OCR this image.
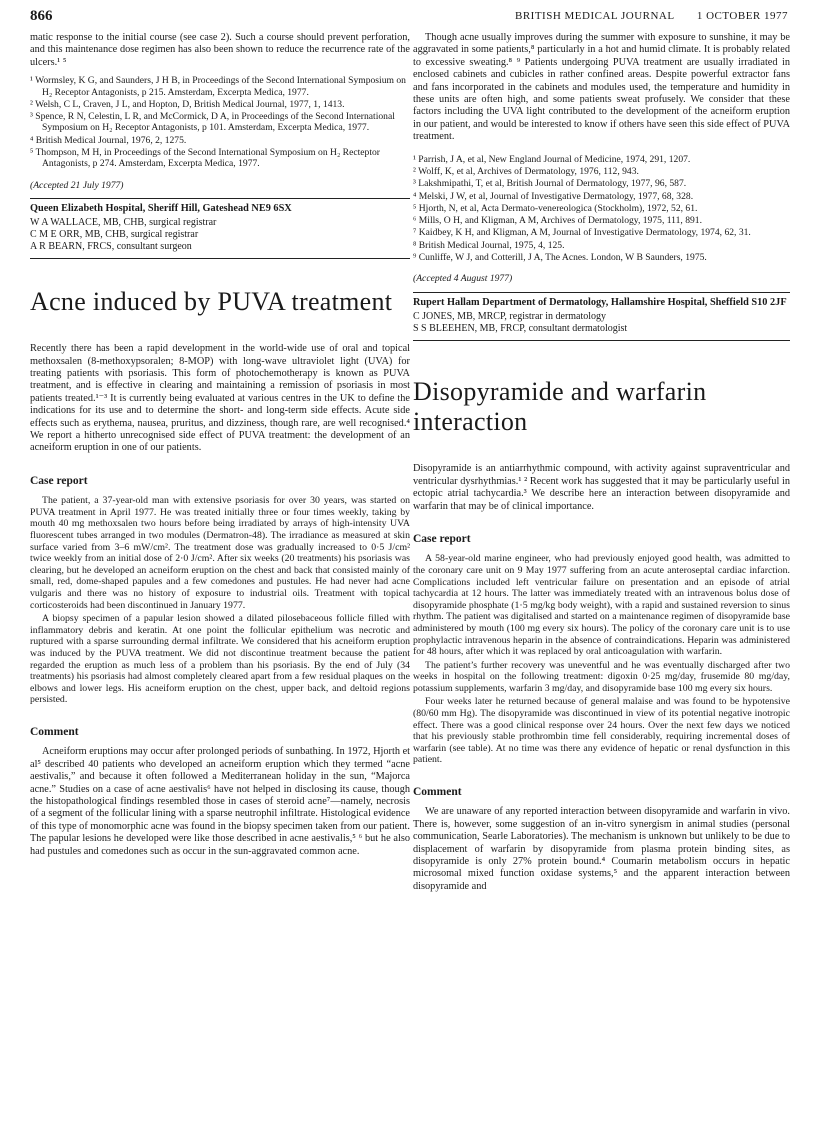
866	BRITISH MEDICAL JOURNAL 1 OCTOBER 1977

matic response to the initial course (see case 2). Such a course should prevent perforation, and this maintenance dose regimen has also been shown to reduce the recurrence rate of the ulcers.¹ ⁵

¹ Wormsley, K G, and Saunders, J H B, in Proceedings of the Second International Symposium on H₂ Receptor Antagonists, p 215. Amsterdam, Excerpta Medica, 1977.

² Welsh, C L, Craven, J L, and Hopton, D, British Medical Journal, 1977, 1, 1413.

³ Spence, R N, Celestin, L R, and McCormick, D A, in Proceedings of the Second International Symposium on H₂ Receptor Antagonists, p 101. Amsterdam, Excerpta Medica, 1977.

⁴ British Medical Journal, 1976, 2, 1275.

⁵ Thompson, M H, in Proceedings of the Second International Symposium on H₂ Recteptor Antagonists, p 274. Amsterdam, Excerpta Medica, 1977.

(Accepted 21 July 1977)

Queen Elizabeth Hospital, Sheriff Hill, Gateshead NE9 6SX

W A WALLACE, MB, CHB, surgical registrar

C M E ORR, MB, CHB, surgical registrar

A R BEARN, FRCS, consultant surgeon

Acne induced by PUVA treatment

Recently there has been a rapid development in the world-wide use of oral and topical methoxsalen (8-methoxypsoralen; 8-MOP) with long-wave ultraviolet light (UVA) for treating patients with psoriasis. This form of photochemotherapy is known as PUVA treatment, and is effective in clearing and maintaining a remission of psoriasis in most patients treated.¹⁻³ It is currently being evaluated at various centres in the UK to define the indications for its use and to determine the short- and long-term side effects. Acute side effects such as erythema, nausea, pruritus, and dizziness, though rare, are well recognised.⁴ We report a hitherto unrecognised side effect of PUVA treatment: the development of an acneiform eruption in one of our patients.

Case report

The patient, a 37-year-old man with extensive psoriasis for over 30 years, was started on PUVA treatment in April 1977. He was treated initially three or four times weekly, taking by mouth 40 mg methoxsalen two hours before being irradiated by arrays of high-intensity UVA fluorescent tubes arranged in two modules (Dermatron-48). The irradiance as measured at skin surface varied from 3–6 mW/cm². The treatment dose was gradually increased to 0·5 J/cm² twice weekly from an initial dose of 2·0 J/cm². After six weeks (20 treatments) his psoriasis was clearing, but he developed an acneiform eruption on the chest and back that consisted mainly of small, red, dome-shaped papules and a few comedones and pustules. He had never had acne vulgaris and there was no history of exposure to industrial oils. Treatment with topical corticosteroids had been discontinued in January 1977.

A biopsy specimen of a papular lesion showed a dilated pilosebaceous follicle filled with inflammatory debris and keratin. At one point the follicular epithelium was necrotic and ruptured with a sparse surrounding dermal infiltrate. We considered that his acneiform eruption was induced by the PUVA treatment. We did not discontinue treatment because the patient regarded the eruption as much less of a problem than his psoriasis. By the end of July (34 treatments) his psoriasis had almost completely cleared apart from a few residual plaques on the elbows and lower legs. His acneiform eruption on the chest, upper back, and deltoid regions persisted.

Comment

Acneiform eruptions may occur after prolonged periods of sunbathing. In 1972, Hjorth et al⁵ described 40 patients who developed an acneiform eruption which they termed “acne aestivalis,” and because it often followed a Mediterranean holiday in the sun, “Majorca acne.” Studies on a case of acne aestivalis⁶ have not helped in disclosing its cause, though the histopathological findings resembled those in cases of steroid acne⁷—namely, necrosis of a segment of the follicular lining with a sparse neutrophil infiltrate. Histological evidence of this type of monomorphic acne was found in the biopsy specimen taken from our patient. The papular lesions he developed were like those described in acne aestivalis,⁵ ⁶ but he also had pustules and comedones such as occur in the sun-aggravated common acne.

Though acne usually improves during the summer with exposure to sunshine, it may be aggravated in some patients,⁸ particularly in a hot and humid climate. It is probably related to excessive sweating.⁸ ⁹ Patients undergoing PUVA treatment are usually irradiated in enclosed cabinets and cubicles in rather confined areas. Despite powerful extractor fans and fans incorporated in the cabinets and modules used, the temperature and humidity in these units are often high, and some patients sweat profusely. We consider that these factors including the UVA light contributed to the development of the acneiform eruption in our patient, and would be interested to know if others have seen this side effect of PUVA treatment.

¹ Parrish, J A, et al, New England Journal of Medicine, 1974, 291, 1207.

² Wolff, K, et al, Archives of Dermatology, 1976, 112, 943.

³ Lakshmipathi, T, et al, British Journal of Dermatology, 1977, 96, 587.

⁴ Melski, J W, et al, Journal of Investigative Dermatology, 1977, 68, 328.

⁵ Hjorth, N, et al, Acta Dermato-venereologica (Stockholm), 1972, 52, 61.

⁶ Mills, O H, and Kligman, A M, Archives of Dermatology, 1975, 111, 891.

⁷ Kaidbey, K H, and Kligman, A M, Journal of Investigative Dermatology, 1974, 62, 31.

⁸ British Medical Journal, 1975, 4, 125.

⁹ Cunliffe, W J, and Cotterill, J A, The Acnes. London, W B Saunders, 1975.

(Accepted 4 August 1977)

Rupert Hallam Department of Dermatology, Hallamshire Hospital, Sheffield S10 2JF

C JONES, MB, MRCP, registrar in dermatology

S S BLEEHEN, MB, FRCP, consultant dermatologist

Disopyramide and warfarin
interaction

Disopyramide is an antiarrhythmic compound, with activity against supraventricular and ventricular dysrhythmias.¹ ² Recent work has suggested that it may be particularly useful in ectopic atrial tachycardia.³ We describe here an interaction between disopyramide and warfarin that may be of clinical importance.

Case report

A 58-year-old marine engineer, who had previously enjoyed good health, was admitted to the coronary care unit on 9 May 1977 suffering from an acute anteroseptal cardiac infarction. Complications included left ventricular failure on presentation and an episode of atrial tachycardia at 12 hours. The latter was immediately treated with an intravenous bolus dose of disopyramide phosphate (1·5 mg/kg body weight), with a rapid and sustained reversion to sinus rhythm. The patient was digitalised and started on a maintenance regimen of disopyramide base administered by mouth (100 mg every six hours). The policy of the coronary care unit is to use prophylactic intravenous heparin in the absence of contraindications. Heparin was administered for 48 hours, after which it was replaced by oral anticoagulation with warfarin.

The patient’s further recovery was uneventful and he was eventually discharged after two weeks in hospital on the following treatment: digoxin 0·25 mg/day, frusemide 80 mg/day, potassium supplements, warfarin 3 mg/day, and disopyramide base 100 mg every six hours.

Four weeks later he returned because of general malaise and was found to be hypotensive (80/60 mm Hg). The disopyramide was discontinued in view of its potential negative inotropic effect. There was a good clinical response over 24 hours. Over the next few days we noticed that his previously stable prothrombin time fell considerably, requiring incremental doses of warfarin (see table). At no time was there any evidence of hepatic or renal dysfunction in this patient.

Comment

We are unaware of any reported interaction between disopyramide and warfarin in vivo. There is, however, some suggestion of an in-vitro synergism in animal studies (personal communication, Searle Laboratories). The mechanism is unknown but unlikely to be due to displacement of warfarin by disopyramide from plasma protein binding sites, as disopyramide is only 27% protein bound.⁴ Coumarin metabolism occurs in hepatic microsomal mixed function oxidase systems,⁵ and the apparent interaction between disopyramide and
